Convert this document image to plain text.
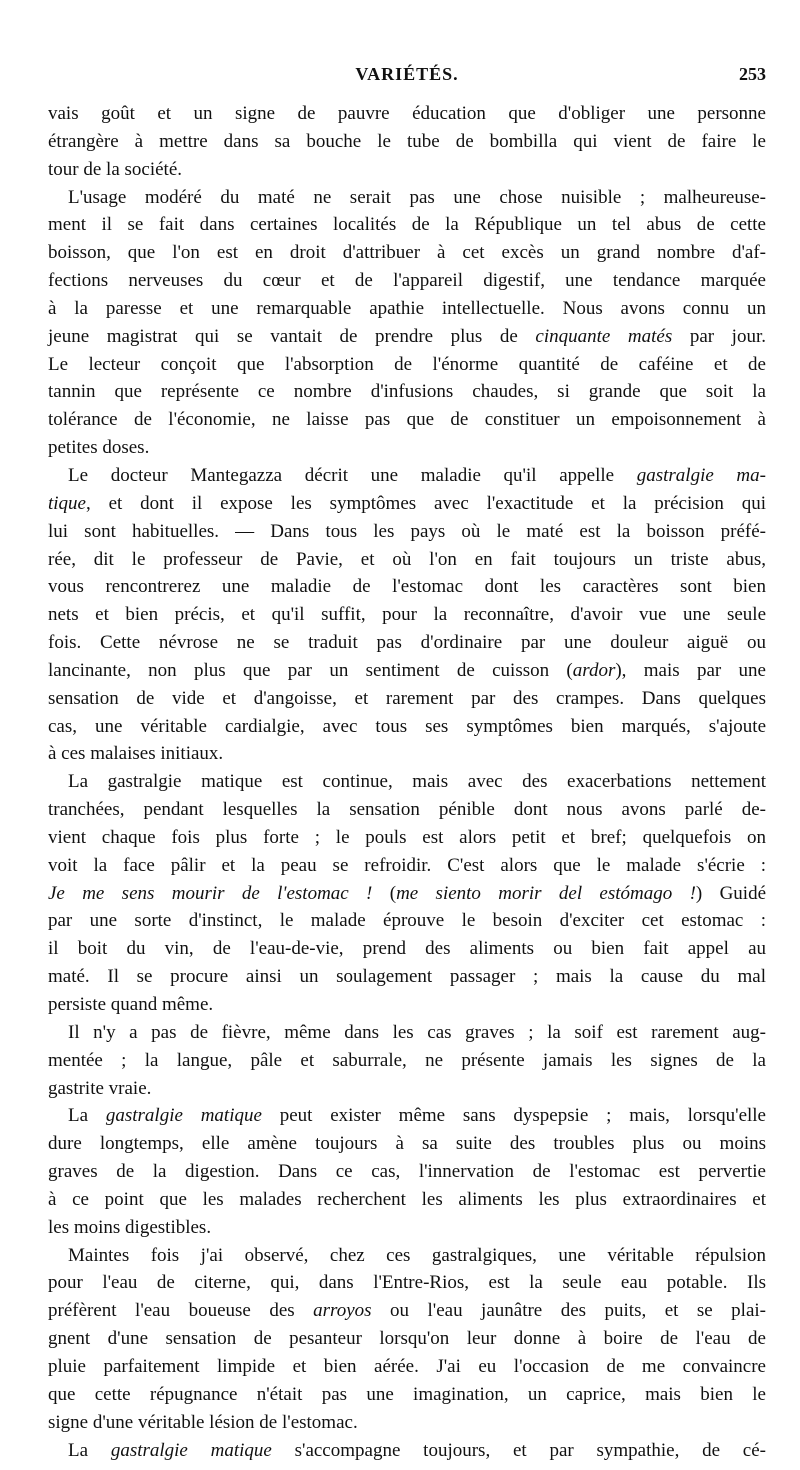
VARIÉTÉS.	253
vais goût et un signe de pauvre éducation que d'obliger une personne
étrangère à mettre dans sa bouche le tube de bombilla qui vient de faire le
tour de la société.
L'usage modéré du maté ne serait pas une chose nuisible ; malheureuse-
ment il se fait dans certaines localités de la République un tel abus de cette
boisson, que l'on est en droit d'attribuer à cet excès un grand nombre d'af-
fections nerveuses du cœur et de l'appareil digestif, une tendance marquée
à la paresse et une remarquable apathie intellectuelle. Nous avons connu un
jeune magistrat qui se vantait de prendre plus de cinquante matés par jour.
Le lecteur conçoit que l'absorption de l'énorme quantité de caféine et de
tannin que représente ce nombre d'infusions chaudes, si grande que soit la
tolérance de l'économie, ne laisse pas que de constituer un empoisonnement à
petites doses.
Le docteur Mantegazza décrit une maladie qu'il appelle gastralgie ma-
tique, et dont il expose les symptômes avec l'exactitude et la précision qui
lui sont habituelles. — Dans tous les pays où le maté est la boisson préfé-
rée, dit le professeur de Pavie, et où l'on en fait toujours un triste abus,
vous rencontrerez une maladie de l'estomac dont les caractères sont bien
nets et bien précis, et qu'il suffit, pour la reconnaître, d'avoir vue une seule
fois. Cette névrose ne se traduit pas d'ordinaire par une douleur aiguë ou
lancinante, non plus que par un sentiment de cuisson (ardor), mais par une
sensation de vide et d'angoisse, et rarement par des crampes. Dans quelques
cas, une véritable cardialgie, avec tous ses symptômes bien marqués, s'ajoute
à ces malaises initiaux.
La gastralgie matique est continue, mais avec des exacerbations nettement
tranchées, pendant lesquelles la sensation pénible dont nous avons parlé de-
vient chaque fois plus forte ; le pouls est alors petit et bref; quelquefois on
voit la face pâlir et la peau se refroidir. C'est alors que le malade s'écrie :
Je me sens mourir de l'estomac ! (me siento morir del estómago !) Guidé
par une sorte d'instinct, le malade éprouve le besoin d'exciter cet estomac :
il boit du vin, de l'eau-de-vie, prend des aliments ou bien fait appel au
maté. Il se procure ainsi un soulagement passager ; mais la cause du mal
persiste quand même.
Il n'y a pas de fièvre, même dans les cas graves ; la soif est rarement aug-
mentée ; la langue, pâle et saburrale, ne présente jamais les signes de la
gastrite vraie.
La gastralgie matique peut exister même sans dyspepsie ; mais, lorsqu'elle
dure longtemps, elle amène toujours à sa suite des troubles plus ou moins
graves de la digestion. Dans ce cas, l'innervation de l'estomac est pervertie
à ce point que les malades recherchent les aliments les plus extraordinaires et
les moins digestibles.
Maintes fois j'ai observé, chez ces gastralgiques, une véritable répulsion
pour l'eau de citerne, qui, dans l'Entre-Rios, est la seule eau potable. Ils
préfèrent l'eau boueuse des arroyos ou l'eau jaunâtre des puits, et se plai-
gnent d'une sensation de pesanteur lorsqu'on leur donne à boire de l'eau de
pluie parfaitement limpide et bien aérée. J'ai eu l'occasion de me convaincre
que cette répugnance n'était pas une imagination, un caprice, mais bien le
signe d'une véritable lésion de l'estomac.
La gastralgie matique s'accompagne toujours, et par sympathie, de cé-
